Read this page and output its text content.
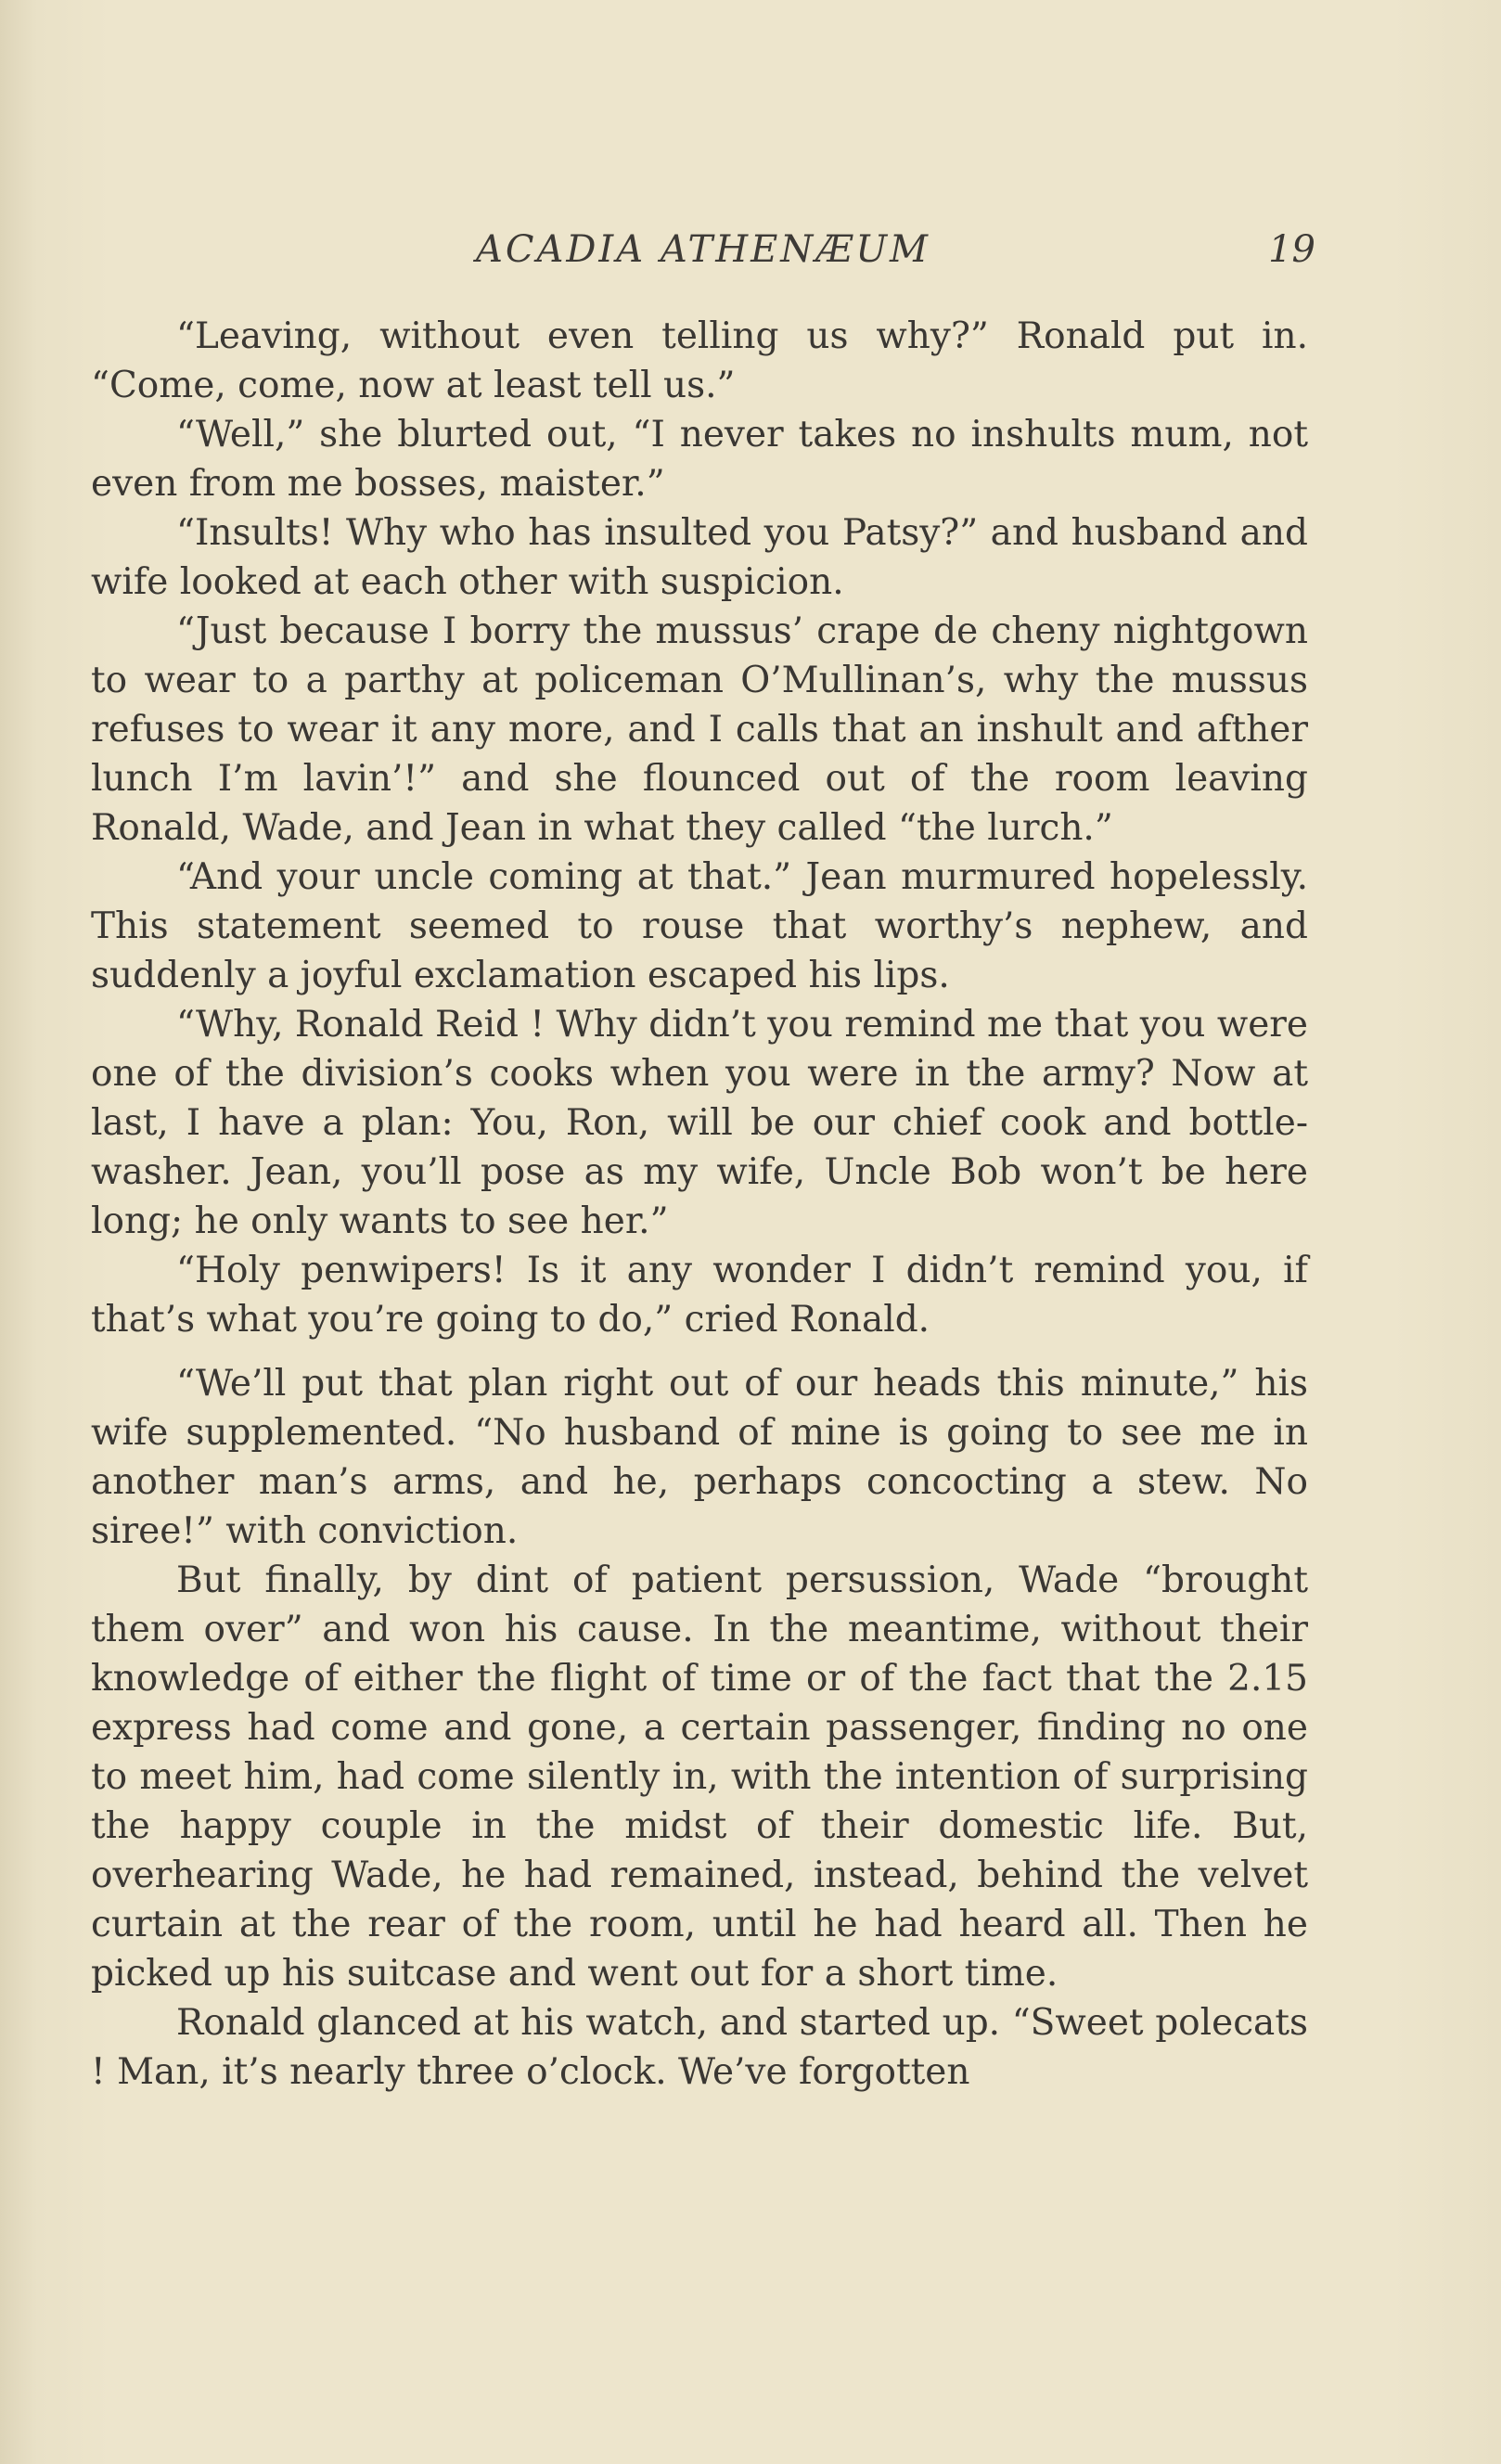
ACADIA ATHENÆUM	19

“Leaving, without even telling us why?” Ronald put in. “Come, come, now at least tell us.”

“Well,” she blurted out, “I never takes no inshults mum, not even from me bosses, maister.”

“Insults! Why who has insulted you Patsy?” and husband and wife looked at each other with suspicion.

“Just because I borry the mussus’ crape de cheny nightgown to wear to a parthy at policeman O’Mullinan’s, why the mussus refuses to wear it any more, and I calls that an inshult and afther lunch I’m lavin’!” and she flounced out of the room leaving Ronald, Wade, and Jean in what they called “the lurch.”

“And your uncle coming at that.” Jean murmured hopelessly. This statement seemed to rouse that worthy’s nephew, and suddenly a joyful exclamation escaped his lips.

“Why, Ronald Reid ! Why didn’t you remind me that you were one of the division’s cooks when you were in the army? Now at last, I have a plan: You, Ron, will be our chief cook and bottle-washer. Jean, you’ll pose as my wife, Uncle Bob won’t be here long; he only wants to see her.”

“Holy penwipers! Is it any wonder I didn’t remind you, if that’s what you’re going to do,” cried Ronald.

“We’ll put that plan right out of our heads this minute,” his wife supplemented. “No husband of mine is going to see me in another man’s arms, and he, perhaps concocting a stew. No siree!” with conviction.

But finally, by dint of patient persussion, Wade “brought them over” and won his cause. In the meantime, without their knowledge of either the flight of time or of the fact that the 2.15 express had come and gone, a certain passenger, finding no one to meet him, had come silently in, with the intention of surprising the happy couple in the midst of their domestic life. But, overhearing Wade, he had remained, instead, behind the velvet curtain at the rear of the room, until he had heard all. Then he picked up his suitcase and went out for a short time.

Ronald glanced at his watch, and started up. “Sweet polecats ! Man, it’s nearly three o’clock. We’ve forgotten
